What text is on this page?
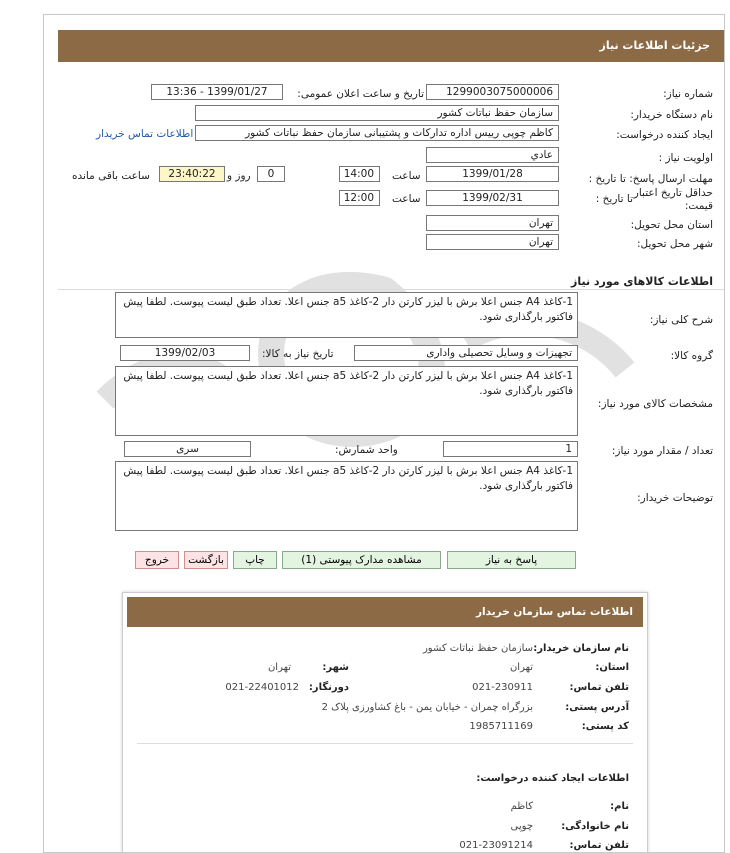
جزئیات اطلاعات نیاز
شماره نیاز:
1299003075000006
تاریخ و ساعت اعلان عمومی:
1399/01/27 - 13:36
نام دستگاه خریدار:
سازمان حفظ نباتات کشور
ایجاد کننده درخواست:
کاظم چوپی رییس اداره تدارکات و پشتیبانی سازمان حفظ نباتات کشور
اطلاعات تماس خریدار
اولویت نیاز :
عادي
مهلت ارسال پاسخ: تا تاریخ :
1399/01/28
ساعت
14:00
0
روز و
23:40:22
ساعت باقی مانده
حداقل تاریخ اعتبار
قیمت:
تا تاریخ :
1399/02/31
ساعت
12:00
استان محل تحویل:
تهران
شهر محل تحویل:
تهران
اطلاعات کالاهای مورد نیاز
شرح کلی نیاز:
1-کاغذ A4 جنس اعلا برش با لیزر کارتن دار 2-کاغذ a5 جنس اعلا. تعداد طبق لیست پیوست. لطفا پیش فاکتور بارگذاری شود.
گروه کالا:
تجهیزات و وسایل تحصیلی واداری
تاریخ نیاز به کالا:
1399/02/03
مشخصات کالای مورد نیاز:
1-کاغذ A4 جنس اعلا برش با لیزر کارتن دار 2-کاغذ a5 جنس اعلا. تعداد طبق لیست پیوست. لطفا پیش فاکتور بارگذاری شود.
تعداد / مقدار مورد نیاز:
1
واحد شمارش:
سری
توضیحات خریدار:
1-کاغذ A4 جنس اعلا برش با لیزر کارتن دار 2-کاغذ a5 جنس اعلا. تعداد طبق لیست پیوست. لطفا پیش فاکتور بارگذاری شود.
پاسخ به نیاز
مشاهده مدارک پیوستی (1)
چاپ
بازگشت
خروج
اطلاعات تماس سازمان خریدار
نام سازمان خریدار:
سازمان حفظ نباتات کشور
استان:
تهران
شهر:
تهران
تلفن تماس:
021-230911
دورنگار:
021-22401012
آدرس پستی:
بزرگراه چمران - خیابان یمن - باغ کشاورزی پلاک 2
کد پستی:
1985711169
اطلاعات ایجاد کننده درخواست:
نام:
کاظم
نام خانوادگی:
چوپی
تلفن تماس:
021-23091214
